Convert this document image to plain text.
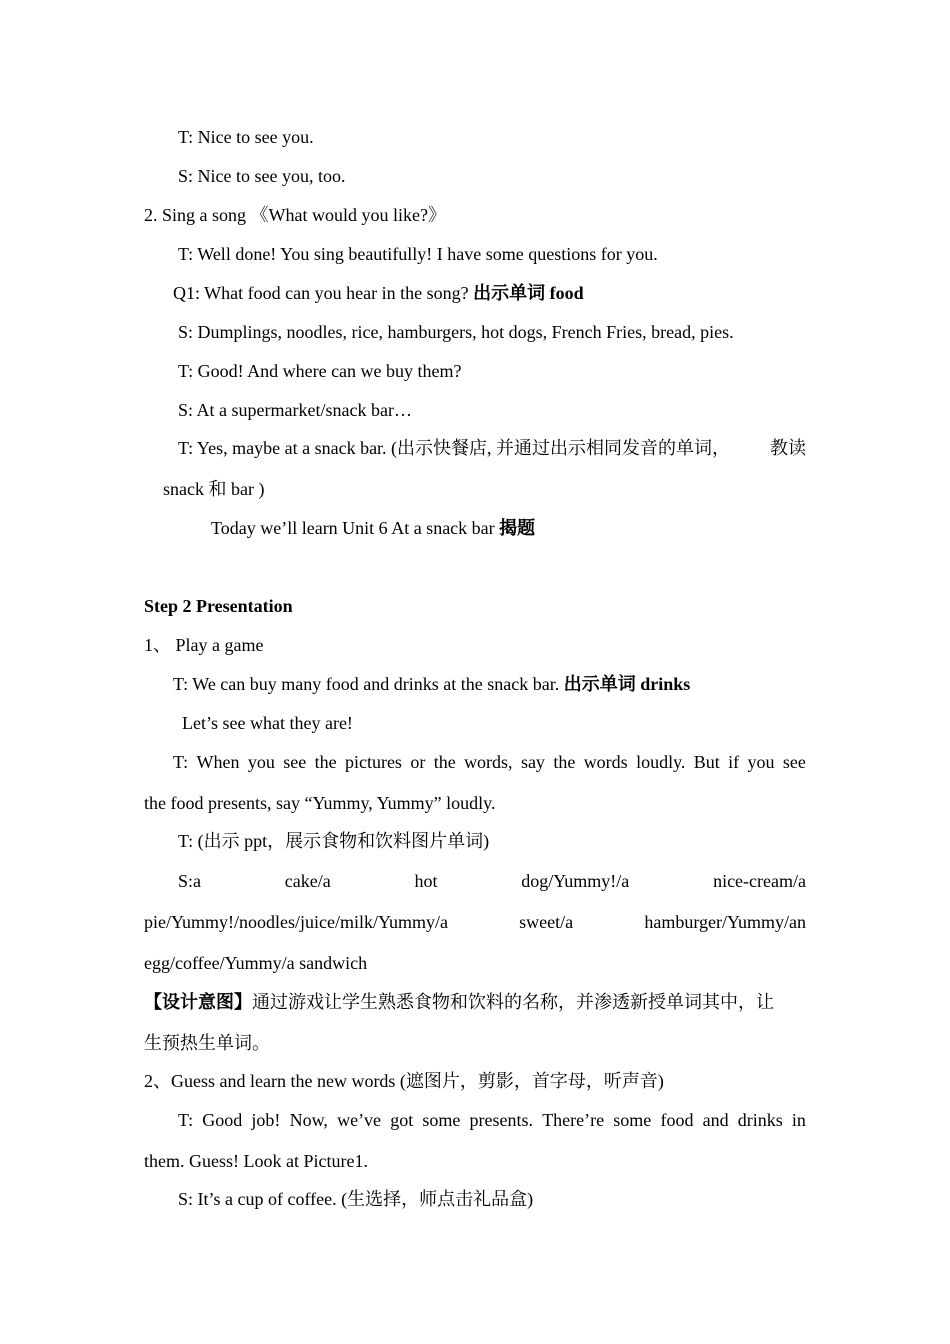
T: Nice to see you.
S: Nice to see you, too.
2. Sing a song 《What would you like?》
T: Well done! You sing beautifully! I have some questions for you.
Q1: What food can you hear in the song? 出示单词 food
S: Dumplings, noodles, rice, hamburgers, hot dogs, French Fries, bread, pies.
T: Good! And where can we buy them?
S: At a supermarket/snack bar…
T: Yes, maybe at a snack bar. (出示快餐店, 并通过出示相同发音的单词， 教读
snack 和 bar )
Today we’ll learn Unit 6 At a snack bar 揭题
Step 2 Presentation
1、 Play a game
T: We can buy many food and drinks at the snack bar. 出示单词 drinks
Let’s see what they are!
T: When you see the pictures or the words, say the words loudly. But if you see
the food presents, say “Yummy, Yummy” loudly.
T: (出示 ppt，展示食物和饮料图片单词)
S:a	cake/a	hot	dog/Yummy!/a	nice-cream/a
pie/Yummy!/noodles/juice/milk/Yummy/a	sweet/a	hamburger/Yummy/an
egg/coffee/Yummy/a sandwich
【设计意图】通过游戏让学生熟悉食物和饮料的名称，并渗透新授单词其中，让
生预热生单词。
2、Guess and learn the new words (遮图片，剪影，首字母，听声音)
T: Good job! Now, we’ve got some presents. There’re some food and drinks in
them. Guess! Look at Picture1.
S: It’s a cup of coffee. (生选择，师点击礼品盒)
